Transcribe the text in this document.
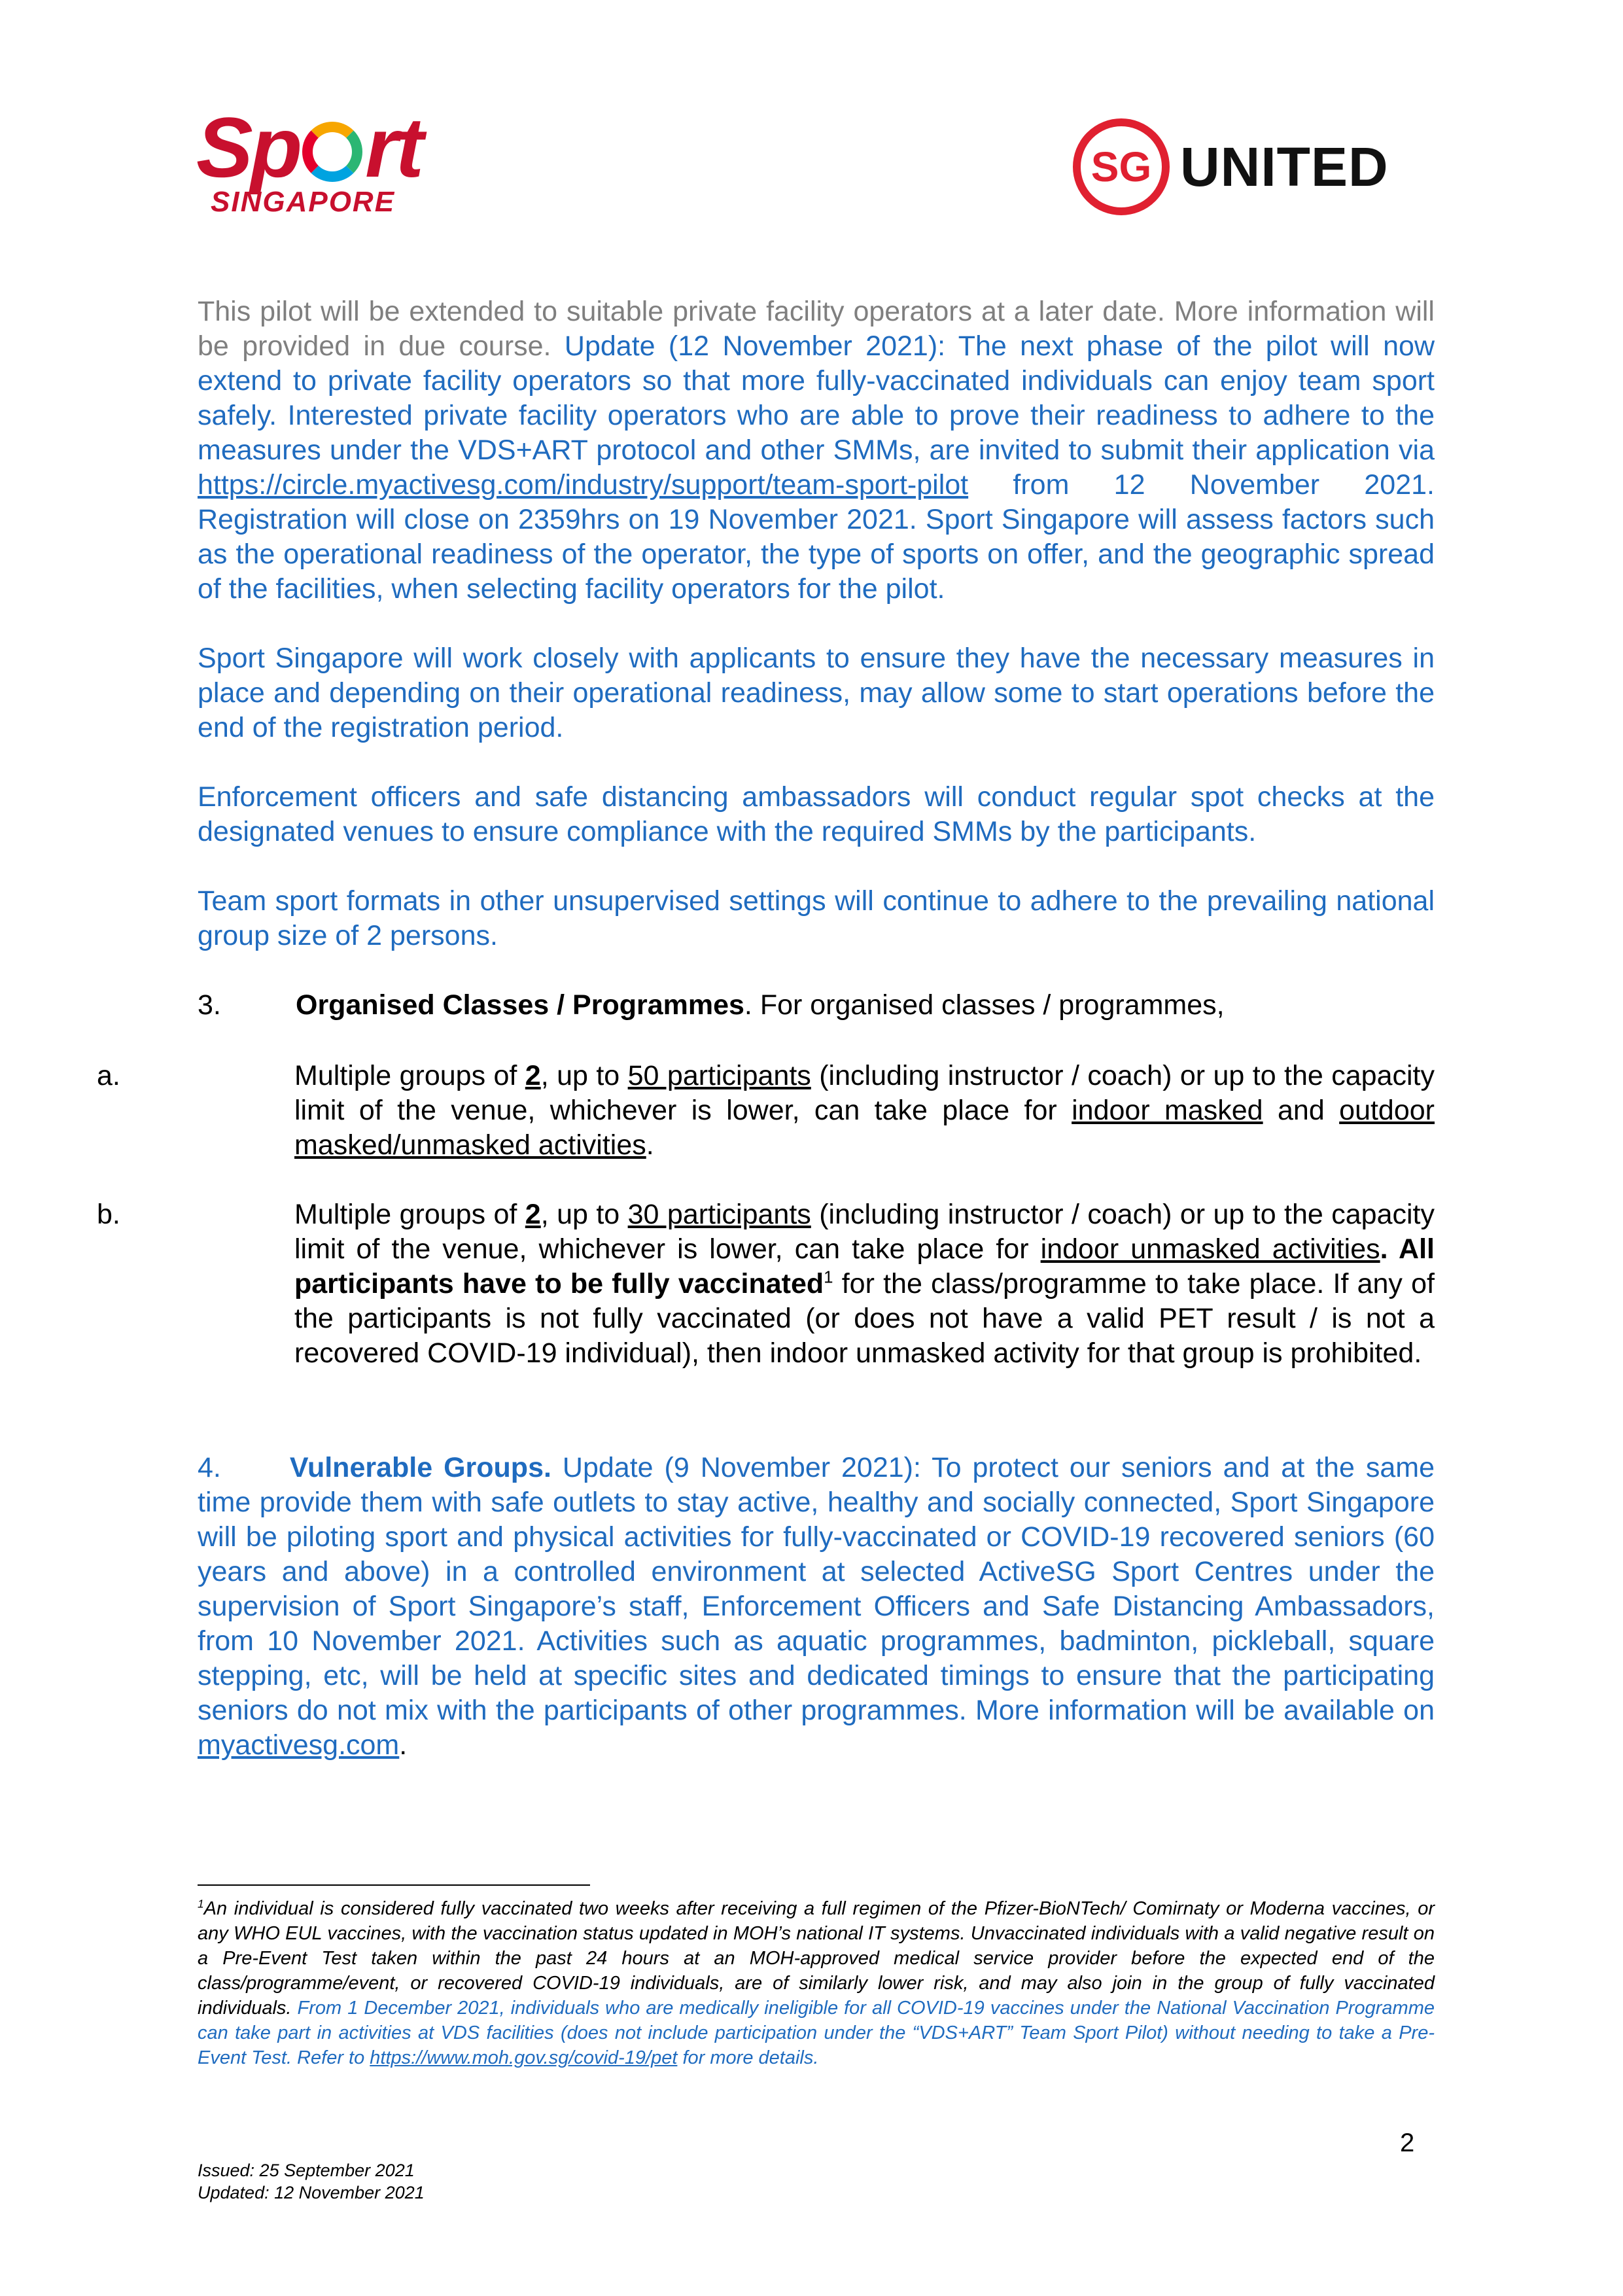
Sp rt
SINGAPORE
SG UNITED

This pilot will be extended to suitable private facility operators at a later date. More information will be provided in due course. Update (12 November 2021): The next phase of the pilot will now extend to private facility operators so that more fully-vaccinated individuals can enjoy team sport safely. Interested private facility operators who are able to prove their readiness to adhere to the measures under the VDS+ART protocol and other SMMs, are invited to submit their application via https://circle.myactivesg.com/industry/support/team-sport-pilot from 12 November 2021. Registration will close on 2359hrs on 19 November 2021. Sport Singapore will assess factors such as the operational readiness of the operator, the type of sports on offer, and the geographic spread of the facilities, when selecting facility operators for the pilot.

Sport Singapore will work closely with applicants to ensure they have the necessary measures in place and depending on their operational readiness, may allow some to start operations before the end of the registration period.

Enforcement officers and safe distancing ambassadors will conduct regular spot checks at the designated venues to ensure compliance with the required SMMs by the participants.

Team sport formats in other unsupervised settings will continue to adhere to the prevailing national group size of 2 persons.

3.	Organised Classes / Programmes. For organised classes / programmes,
a.	Multiple groups of 2, up to 50 participants (including instructor / coach) or up to the capacity limit of the venue, whichever is lower, can take place for indoor masked and outdoor masked/unmasked activities.

b.	Multiple groups of 2, up to 30 participants (including instructor / coach) or up to the capacity limit of the venue, whichever is lower, can take place for indoor unmasked activities. All participants have to be fully vaccinated$^1$ for the class/programme to take place. If any of the participants is not fully vaccinated (or does not have a valid PET result / is not a recovered COVID-19 individual), then indoor unmasked activity for that group is prohibited.

4. Vulnerable Groups. Update (9 November 2021): To protect our seniors and at the same time provide them with safe outlets to stay active, healthy and socially connected, Sport Singapore will be piloting sport and physical activities for fully-vaccinated or COVID-19 recovered seniors (60 years and above) in a controlled environment at selected ActiveSG Sport Centres under the supervision of Sport Singapore’s staff, Enforcement Officers and Safe Distancing Ambassadors, from 10 November 2021. Activities such as aquatic programmes, badminton, pickleball, square stepping, etc, will be held at specific sites and dedicated timings to ensure that the participating seniors do not mix with the participants of other programmes. More information will be available on myactivesg.com.

$^1$An individual is considered fully vaccinated two weeks after receiving a full regimen of the Pfizer-BioNTech/ Comirnaty or Moderna vaccines, or any WHO EUL vaccines, with the vaccination status updated in MOH’s national IT systems. Unvaccinated individuals with a valid negative result on a Pre-Event Test taken within the past 24 hours at an MOH-approved medical service provider before the expected end of the class/programme/event, or recovered COVID-19 individuals, are of similarly lower risk, and may also join in the group of fully vaccinated individuals. From 1 December 2021, individuals who are medically ineligible for all COVID-19 vaccines under the National Vaccination Programme can take part in activities at VDS facilities (does not include participation under the “VDS+ART” Team Sport Pilot) without needing to take a Pre-Event Test. Refer to https://www.moh.gov.sg/covid-19/pet for more details.
2
Issued: 25 September 2021
Updated: 12 November 2021
